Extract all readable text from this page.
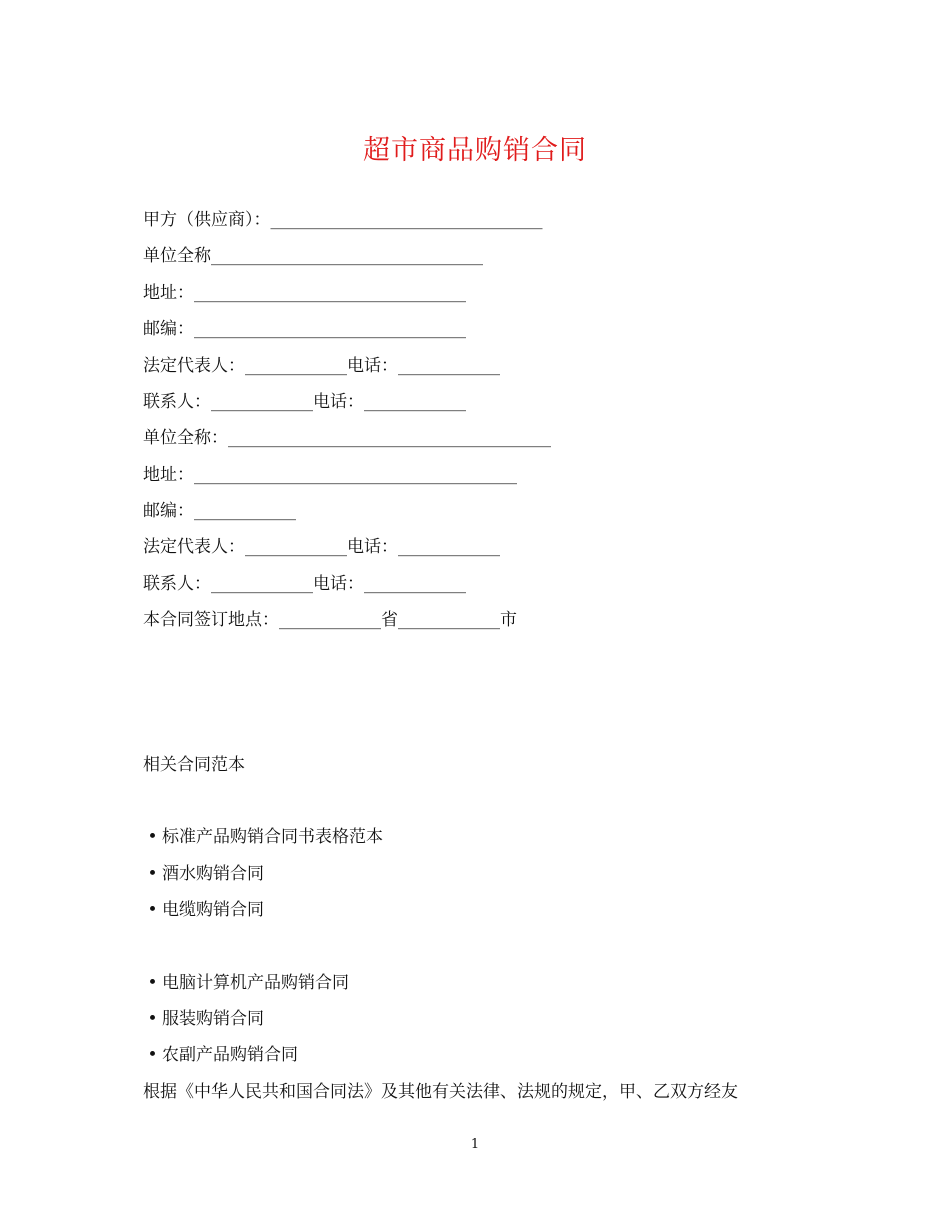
超市商品购销合同
甲方（供应商）：________________________________
单位全称________________________________
地址：________________________________
邮编：________________________________
法定代表人：____________电话：____________
联系人：____________电话：____________
单位全称：______________________________________
地址：______________________________________
邮编：____________
法定代表人：____________电话：____________
联系人：____________电话：____________
本合同签订地点：____________省____________市
相关合同范本
• 标准产品购销合同书表格范本
• 酒水购销合同
• 电缆购销合同
• 电脑计算机产品购销合同
• 服装购销合同
• 农副产品购销合同
根据《中华人民共和国合同法》及其他有关法律、法规的规定，甲、乙双方经友
1
